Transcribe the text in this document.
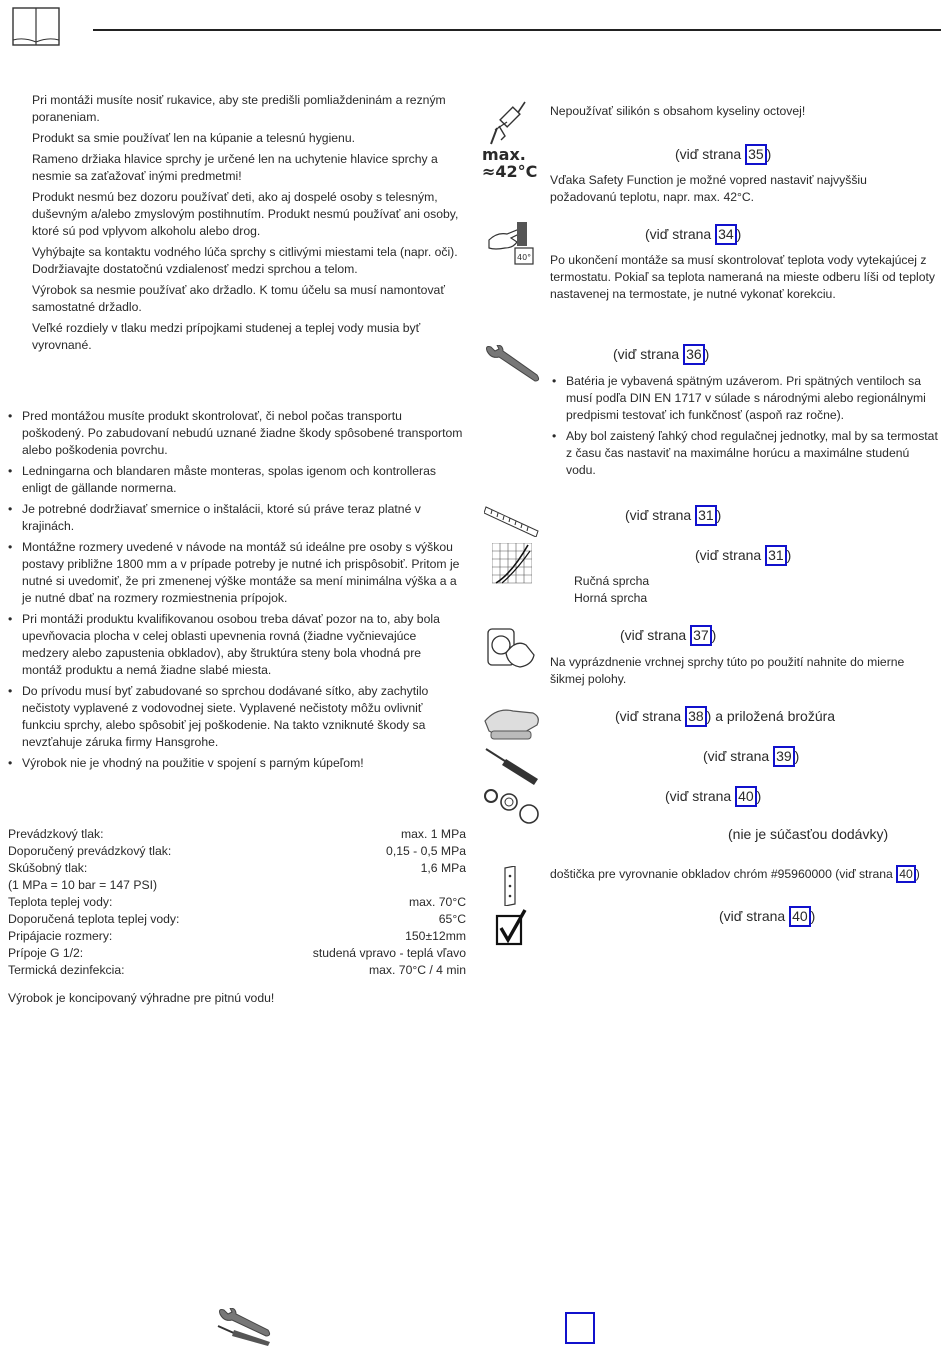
Pri montáži musíte nosiť rukavice, aby ste predišli pomliaždeninám a rezným poraneniam.

Produkt sa smie používať len na kúpanie a telesnú hygienu.

Rameno držiaka hlavice sprchy je určené len na uchytenie hlavice sprchy a nesmie sa zaťažovať inými predmetmi!

Produkt nesmú bez dozoru používať deti, ako aj dospelé osoby s telesným, duševným a/alebo zmyslovým postihnutím. Produkt nesmú používať ani osoby, ktoré sú pod vplyvom alkoholu alebo drog.

Vyhýbajte sa kontaktu vodného lúča sprchy s citlivými miestami tela (napr. oči). Dodržiavajte dostatočnú vzdialenosť medzi sprchou a telom.

Výrobok sa nesmie používať ako držadlo. K tomu účelu sa musí namontovať samostatné držadlo.

Veľké rozdiely v tlaku medzi prípojkami studenej a teplej vody musia byť vyrovnané.

• Pred montážou musíte produkt skontrolovať, či nebol počas transportu poškodený. Po zabudovaní nebudú uznané žiadne škody spôsobené transportom alebo poškodenia povrchu.

• Ledningarna och blandaren måste monteras, spolas igenom och kontrolleras enligt de gällande normerna.

• Je potrebné dodržiavať smernice o inštalácii, ktoré sú práve teraz platné v krajinách.

• Montážne rozmery uvedené v návode na montáž sú ideálne pre osoby s výškou postavy približne 1800 mm a v prípade potreby je nutné ich prispôsobiť. Pritom je nutné si uvedomiť, že pri zmenenej výške montáže sa mení minimálna výška a a je nutné dbať na rozmery rozmiestnenia prípojok.

• Pri montáži produktu kvalifikovanou osobou treba dávať pozor na to, aby bola upevňovacia plocha v celej oblasti upevnenia rovná (žiadne vyčnievajúce medzery alebo zapustenia obkladov), aby štruktúra steny bola vhodná pre montáž produktu a nemá žiadne slabé miesta.

• Do prívodu musí byť zabudované so sprchou dodávané sítko, aby zachytilo nečistoty vyplavené z vodovodnej siete. Vyplavené nečistoty môžu ovlivniť funkciu sprchy, alebo spôsobiť jej poškodenie. Na takto vzniknuté škody sa nevzťahuje záruka firmy Hansgrohe.

• Výrobok nie je vhodný na použitie v spojení s parným kúpeľom!

Prevádzkový tlak:	max. 1 MPa
Doporučený prevádzkový tlak:	0,15 - 0,5 MPa
Skúšobný tlak:	1,6 MPa
(1 MPa = 10 bar = 147 PSI)
Teplota teplej vody:	max. 70°C
Doporučená teplota teplej vody:	65°C
Pripájacie rozmery:	150±12mm
Prípoje G 1/2:	studená vpravo - teplá vľavo
Termická dezinfekcia:	max. 70°C / 4 min

Výrobok je koncipovaný výhradne pre pitnú vodu!

Nepoužívať silikón s obsahom kyseliny octovej!

max.
≈42°C
(viď strana 35 )

Vďaka Safety Function je možné vopred nastaviť najvyššiu požadovanú teplotu, napr. max. 42°C.

40°
(viď strana 34 )

Po ukončení montáže sa musí skontrolovať teplota vody vytekajúcej z termostatu. Pokiaľ sa teplota nameraná na mieste odberu líši od teploty nastavenej na termostate, je nutné vykonať korekciu.

(viď strana 36 )

• Batéria je vybavená spätným uzáverom. Pri spätných ventiloch sa musí podľa DIN EN 1717 v súlade s národnými alebo regionálnymi predpismi testovať ich funkčnosť (aspoň raz ročne).

• Aby bol zaistený ľahký chod regulačnej jednotky, mal by sa termostat z času čas nastaviť na maximálne horúcu a maximálne studenú vodu.

(viď strana 31 )
(viď strana 31 )

Ručná sprcha

Horná sprcha

(viď strana 37 )

Na vyprázdnenie vrchnej sprchy túto po použití nahnite do mierne šikmej polohy.

(viď strana 38 ) a priložená brožúra
(viď strana 39 )
(viď strana 40 )
(nie je súčasťou dodávky)
doštička pre vyrovnanie obkladov chróm #95960000 (viď strana 40 )
(viď strana 40 )
